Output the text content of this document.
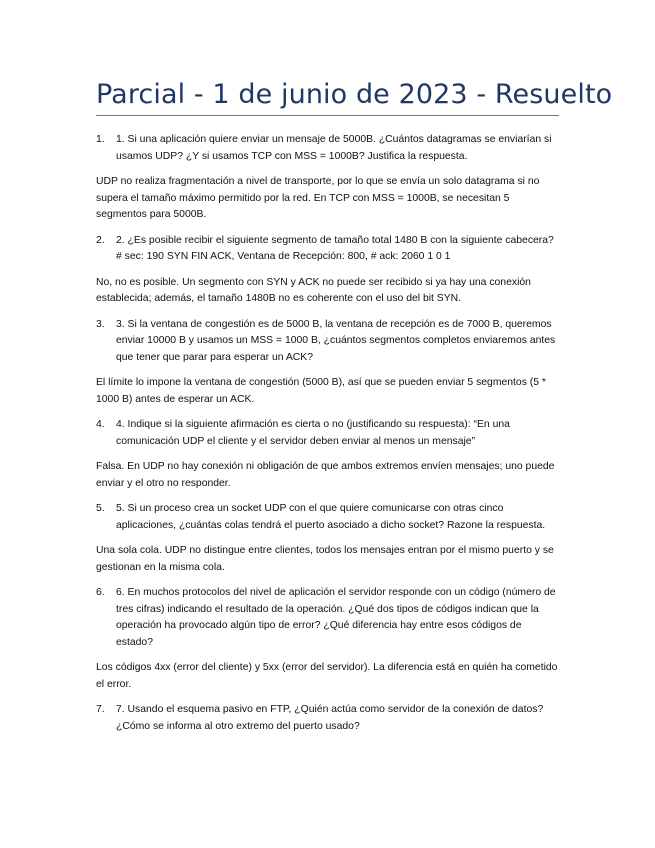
Parcial - 1 de junio de 2023 - Resuelto
1. 1. Si una aplicación quiere enviar un mensaje de 5000B. ¿Cuántos datagramas se enviarían si usamos UDP? ¿Y si usamos TCP con MSS = 1000B? Justifica la respuesta.

UDP no realiza fragmentación a nivel de transporte, por lo que se envía un solo datagrama si no supera el tamaño máximo permitido por la red. En TCP con MSS = 1000B, se necesitan 5 segmentos para 5000B.

2. 2. ¿Es posible recibir el siguiente segmento de tamaño total 1480 B con la siguiente cabecera? # sec: 190 SYN FIN ACK, Ventana de Recepción: 800, # ack: 2060 1 0 1

No, no es posible. Un segmento con SYN y ACK no puede ser recibido si ya hay una conexión establecida; además, el tamaño 1480B no es coherente con el uso del bit SYN.

3. 3. Si la ventana de congestión es de 5000 B, la ventana de recepción es de 7000 B, queremos enviar 10000 B y usamos un MSS = 1000 B, ¿cuántos segmentos completos enviaremos antes que tener que parar para esperar un ACK?

El límite lo impone la ventana de congestión (5000 B), así que se pueden enviar 5 segmentos (5 * 1000 B) antes de esperar un ACK.

4. 4. Indique si la siguiente afirmación es cierta o no (justificando su respuesta): “En una comunicación UDP el cliente y el servidor deben enviar al menos un mensaje”

Falsa. En UDP no hay conexión ni obligación de que ambos extremos envíen mensajes; uno puede enviar y el otro no responder.

5. 5. Si un proceso crea un socket UDP con el que quiere comunicarse con otras cinco aplicaciones, ¿cuántas colas tendrá el puerto asociado a dicho socket? Razone la respuesta.

Una sola cola. UDP no distingue entre clientes, todos los mensajes entran por el mismo puerto y se gestionan en la misma cola.

6. 6. En muchos protocolos del nivel de aplicación el servidor responde con un código (número de tres cifras) indicando el resultado de la operación. ¿Qué dos tipos de códigos indican que la operación ha provocado algún tipo de error? ¿Qué diferencia hay entre esos códigos de estado?

Los códigos 4xx (error del cliente) y 5xx (error del servidor). La diferencia está en quién ha cometido el error.

7. 7. Usando el esquema pasivo en FTP, ¿Quién actúa como servidor de la conexión de datos? ¿Cómo se informa al otro extremo del puerto usado?
